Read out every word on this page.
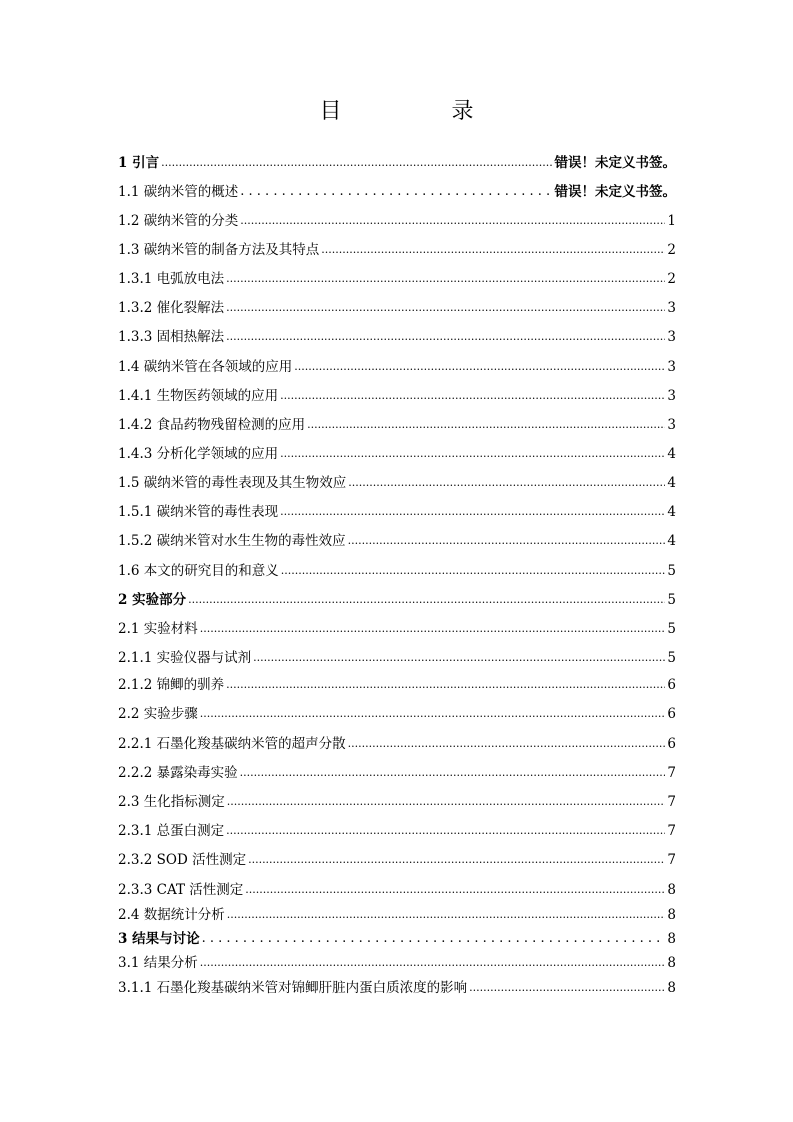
目　录
1 引言 .....	错误！未定义书签。
1.1 碳纳米管的概述 . . .	错误！未定义书签。
1.2 碳纳米管的分类 .....	1
1.3 碳纳米管的制备方法及其特点 .....	2
1.3.1 电弧放电法 .....	2
1.3.2 催化裂解法 .....	3
1.3.3 固相热解法 .....	3
1.4 碳纳米管在各领域的应用 .....	3
1.4.1 生物医药领域的应用 .....	3
1.4.2 食品药物残留检测的应用 .....	3
1.4.3 分析化学领域的应用 .....	4
1.5 碳纳米管的毒性表现及其生物效应 .....	4
1.5.1 碳纳米管的毒性表现 .....	4
1.5.2 碳纳米管对水生生物的毒性效应 .....	4
1.6 本文的研究目的和意义 .....	5
2 实验部分 .....	5
2.1 实验材料 .....	5
2.1.1 实验仪器与试剂 .....	5
2.1.2 锦鲫的驯养 .....	6
2.2 实验步骤 .....	6
2.2.1 石墨化羧基碳纳米管的超声分散 .....	6
2.2.2 暴露染毒实验 .....	7
2.3 生化指标测定 .....	7
2.3.1 总蛋白测定 .....	7
2.3.2 SOD 活性测定 .....	7
2.3.3 CAT 活性测定 .....	8
2.4 数据统计分析 .....	8
3 结果与讨论 . . .	8
3.1 结果分析 .....	8
3.1.1 石墨化羧基碳纳米管对锦鲫肝脏内蛋白质浓度的影响 .....	8
